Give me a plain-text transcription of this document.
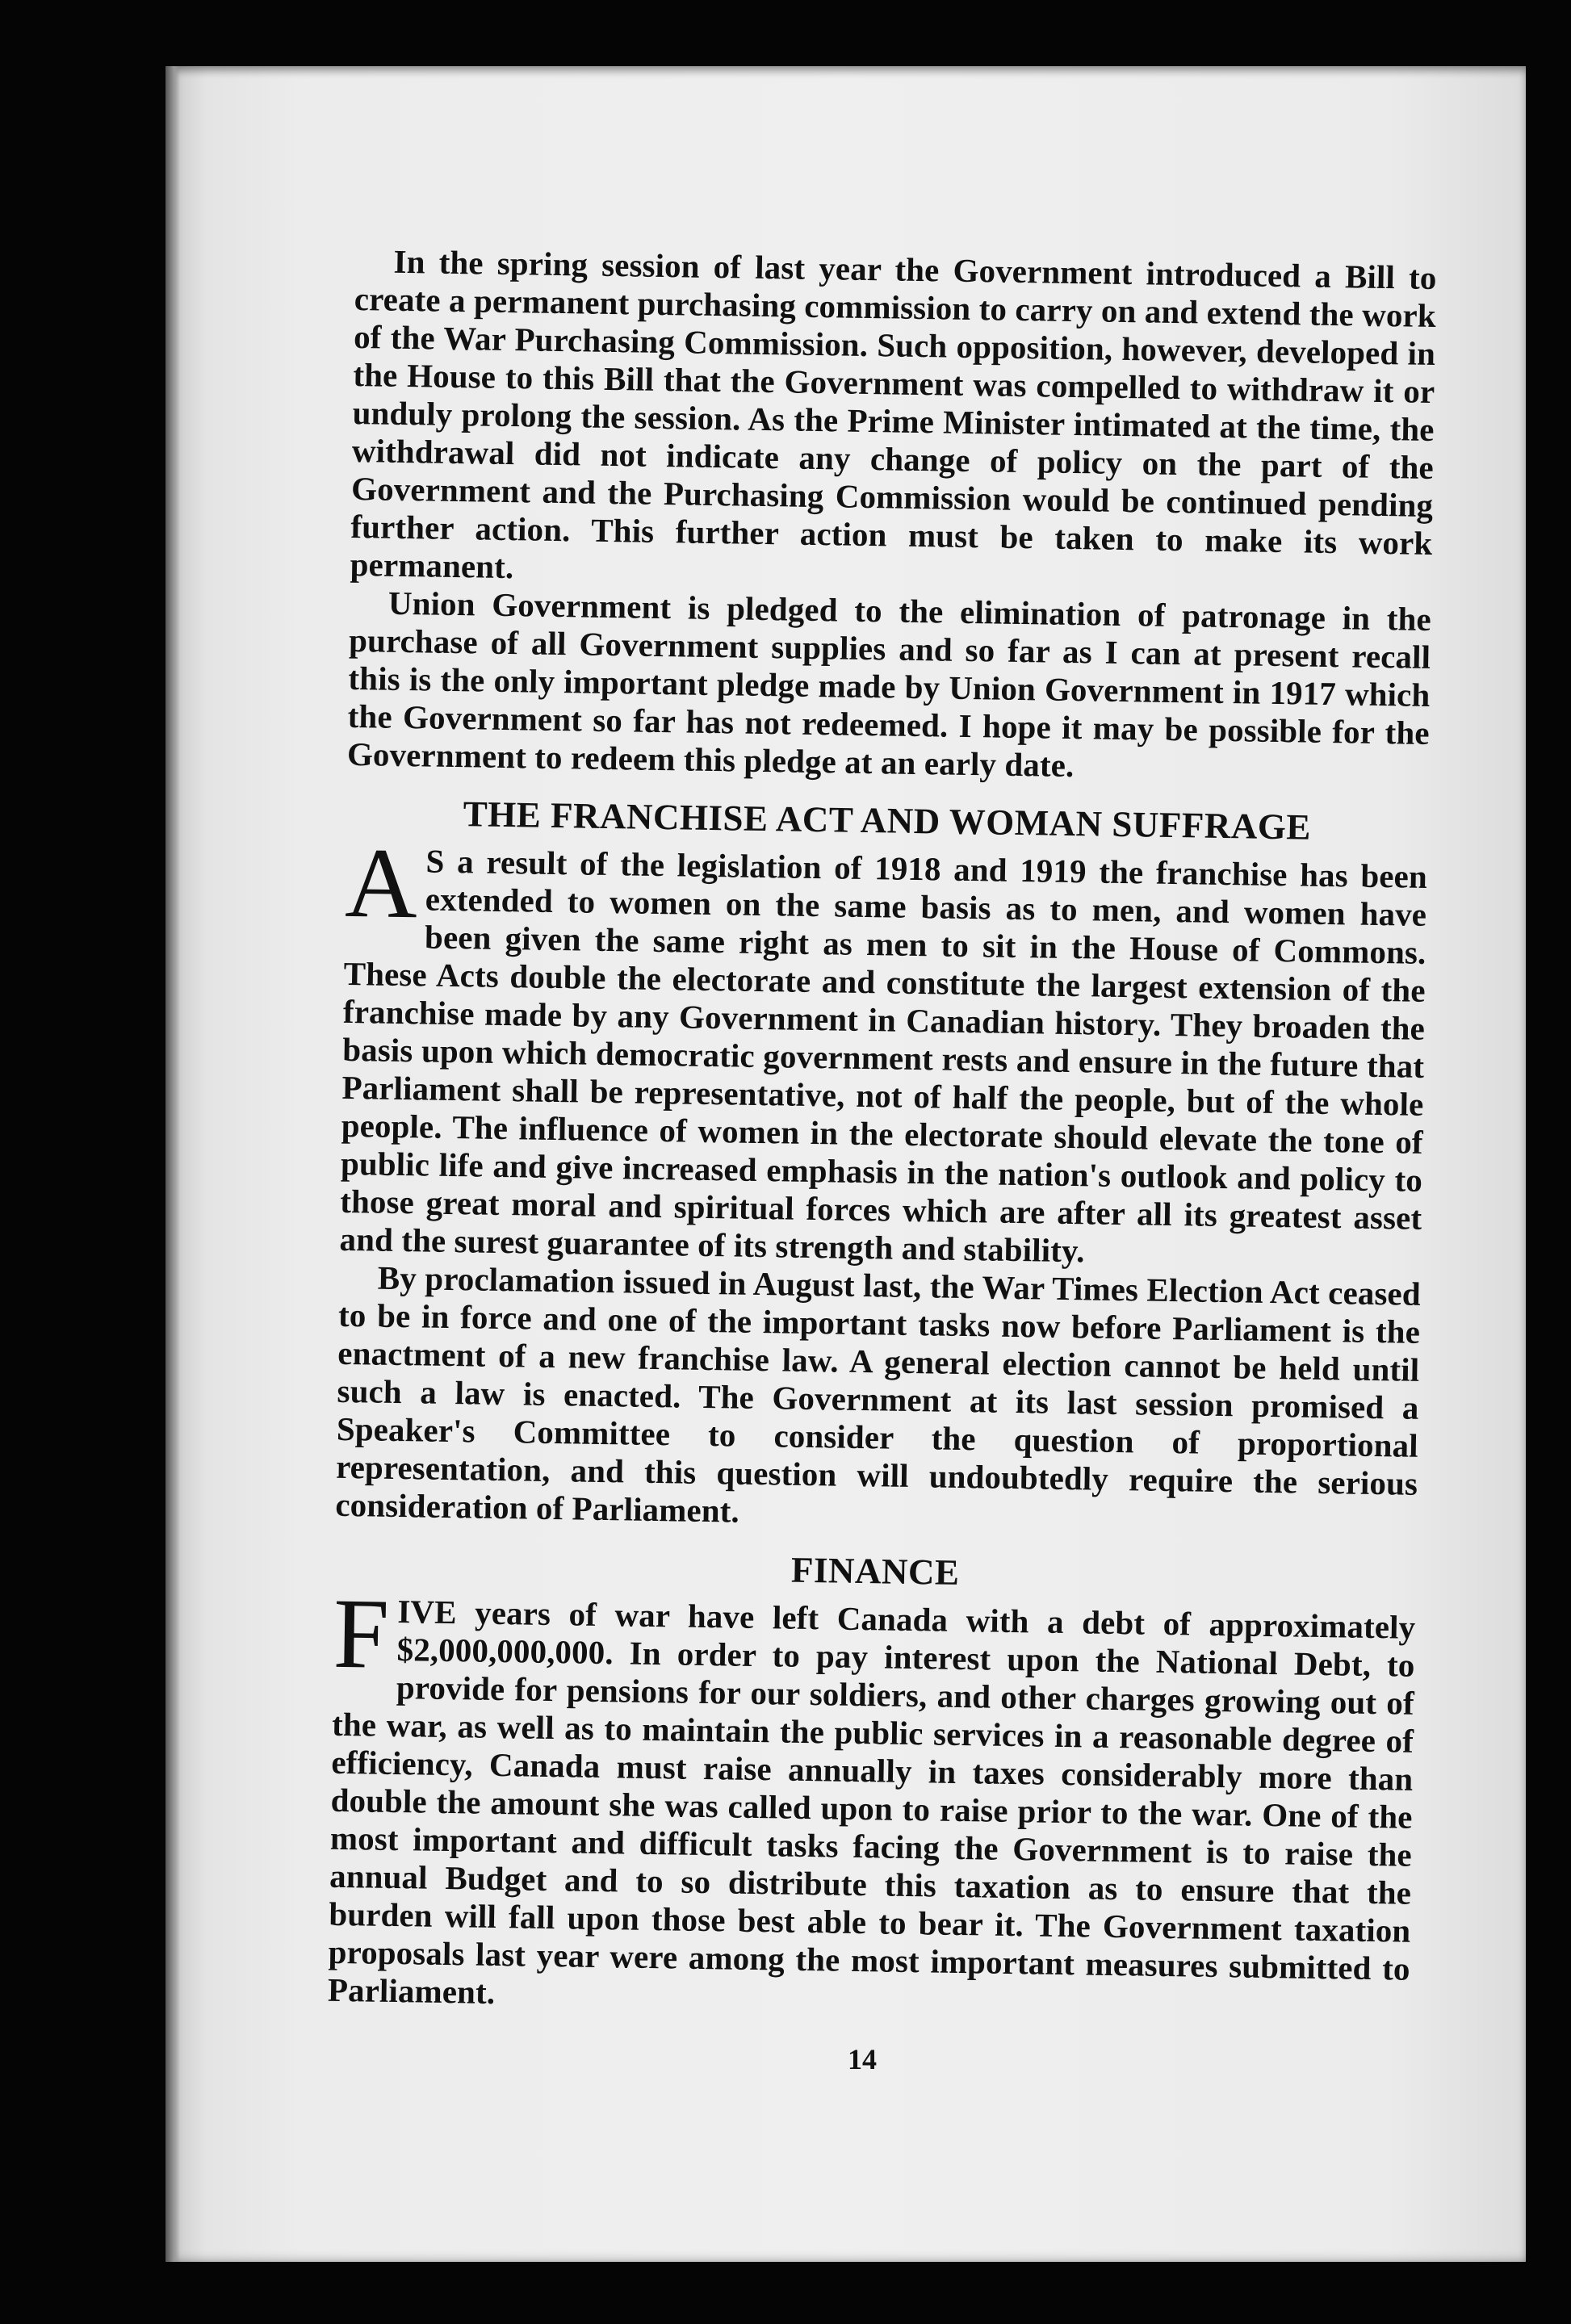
In the spring session of last year the Government introduced a Bill to create a permanent purchasing commission to carry on and extend the work of the War Purchasing Commission. Such opposition, however, developed in the House to this Bill that the Government was compelled to withdraw it or unduly prolong the session. As the Prime Minister intimated at the time, the withdrawal did not indicate any change of policy on the part of the Government and the Purchasing Commission would be continued pending further action. This further action must be taken to make its work permanent.

Union Government is pledged to the elimination of patronage in the purchase of all Government supplies and so far as I can at present recall this is the only important pledge made by Union Government in 1917 which the Government so far has not redeemed. I hope it may be possible for the Government to redeem this pledge at an early date.

THE FRANCHISE ACT AND WOMAN SUFFRAGE

A S a result of the legislation of 1918 and 1919 the franchise has been extended to women on the same basis as to men, and women have been given the same right as men to sit in the House of Commons. These Acts double the electorate and constitute the largest extension of the franchise made by any Government in Canadian history. They broaden the basis upon which democratic government rests and ensure in the future that Parliament shall be representative, not of half the people, but of the whole people. The influence of women in the electorate should elevate the tone of public life and give increased emphasis in the nation's outlook and policy to those great moral and spiritual forces which are after all its greatest asset and the surest guarantee of its strength and stability.

By proclamation issued in August last, the War Times Election Act ceased to be in force and one of the important tasks now before Parliament is the enactment of a new franchise law. A general election cannot be held until such a law is enacted. The Government at its last session promised a Speaker's Committee to consider the question of proportional representation, and this question will undoubtedly require the serious consideration of Parliament.

FINANCE

F IVE years of war have left Canada with a debt of approximately $2,000,000,000. In order to pay interest upon the National Debt, to provide for pensions for our soldiers, and other charges growing out of the war, as well as to maintain the public services in a reasonable degree of efficiency, Canada must raise annually in taxes considerably more than double the amount she was called upon to raise prior to the war. One of the most important and difficult tasks facing the Government is to raise the annual Budget and to so distribute this taxation as to ensure that the burden will fall upon those best able to bear it. The Government taxation proposals last year were among the most important measures submitted to Parliament.

14
